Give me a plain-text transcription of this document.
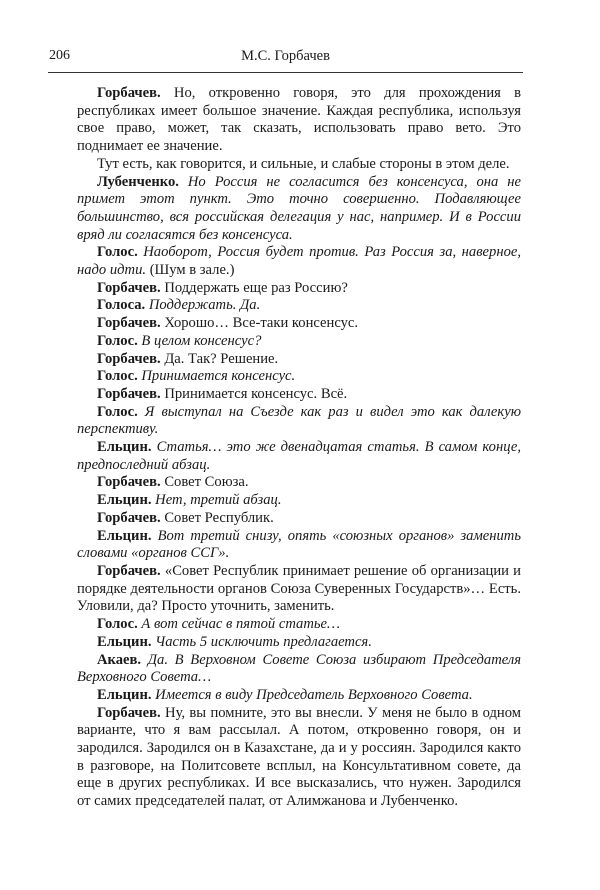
206	М.С. Горбачев

Горбачев. Но, откровенно говоря, это для прохождения в республиках имеет большое значение. Каждая республика, используя свое право, может, так сказать, использовать право вето. Это поднимает ее значение.

Тут есть, как говорится, и сильные, и слабые стороны в этом деле.

Лубенченко. Но Россия не согласится без консенсуса, она не примет этот пункт. Это точно совершенно. Подавляющее большинство, вся российская делегация у нас, например. И в России вряд ли согласятся без консенсуса.

Голос. Наоборот, Россия будет против. Раз Россия за, наверное, надо идти. (Шум в зале.)

Горбачев. Поддержать еще раз Россию?

Голоса. Поддержать. Да.

Горбачев. Хорошо… Все-таки консенсус.

Голос. В целом консенсус?

Горбачев. Да. Так? Решение.

Голос. Принимается консенсус.

Горбачев. Принимается консенсус. Всё.

Голос. Я выступал на Съезде как раз и видел это как далекую перспективу.

Ельцин. Статья… это же двенадцатая статья. В самом конце, предпоследний абзац.

Горбачев. Совет Союза.

Ельцин. Нет, третий абзац.

Горбачев. Совет Республик.

Ельцин. Вот третий снизу, опять «союзных органов» заменить словами «органов ССГ».

Горбачев. «Совет Республик принимает решение об организации и порядке деятельности органов Союза Суверенных Государств»… Есть. Уловили, да? Просто уточнить, заменить.

Голос. А вот сейчас в пятой статье…

Ельцин. Часть 5 исключить предлагается.

Акаев. Да. В Верховном Совете Союза избирают Председателя Верховного Совета…

Ельцин. Имеется в виду Председатель Верховного Совета.

Горбачев. Ну, вы помните, это вы внесли. У меня не было в одном варианте, что я вам рассылал. А потом, откровенно говоря, он и зародился. Зародился он в Казахстане, да и у россиян. Зародился както в разговоре, на Политсовете всплыл, на Консультативном совете, да еще в других республиках. И все высказались, что нужен. Зародился от самих председателей палат, от Алимжанова и Лубенченко.
